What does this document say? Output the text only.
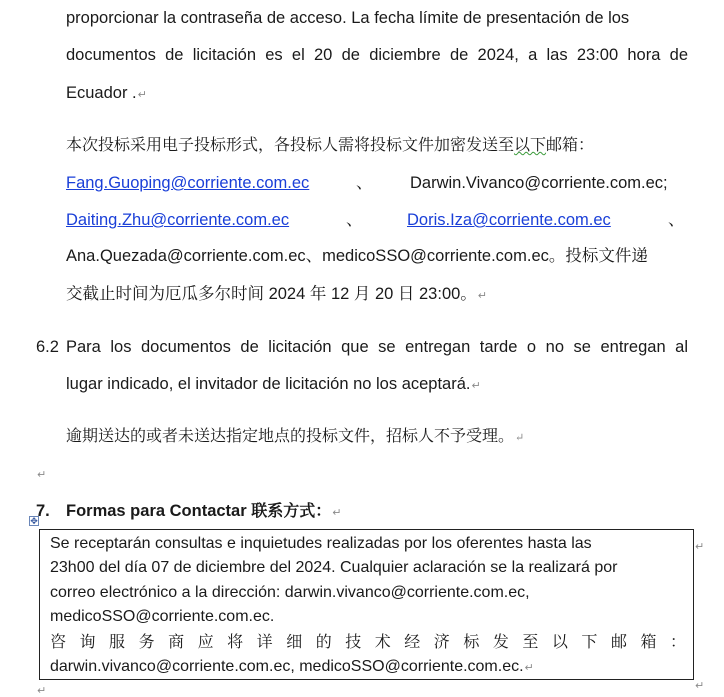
proporcionar la contraseña de acceso. La fecha límite de presentación de los
documentos de licitación es el 20 de diciembre de 2024, a las 23:00 hora de
Ecuador .↵
本次投标采用电子投标形式，各投标人需将投标文件加密发送至以下邮箱：
Fang.Guoping@corriente.com.ec	、 Darwin.Vivanco@corriente.com.ec;
Daiting.Zhu@corriente.com.ec	、	Doris.Iza@corriente.com.ec	、
Ana.Quezada@corriente.com.ec、medicoSSO@corriente.com.ec。投标文件递
交截止时间为厄瓜多尔时间 2024 年 12 月 20 日 23:00。↵
6.2 Para los documentos de licitación que se entregan tarde o no se entregan al
lugar indicado, el invitador de licitación no los aceptará.↵
逾期送达的或者未送达指定地点的投标文件，招标人不予受理。↵
↵
7. Formas para Contactar 联系方式：↵
✥
Se receptarán consultas e inquietudes realizadas por los oferentes hasta las
23h00 del día 07 de diciembre del 2024. Cualquier aclaración se la realizará por
correo electrónico a la dirección: darwin.vivanco@corriente.com.ec,
medicoSSO@corriente.com.ec.
咨 询 服 务 商 应 将 详 细 的 技 术 经 济 标 发 至 以 下 邮 箱 ：
darwin.vivanco@corriente.com.ec, medicoSSO@corriente.com.ec.↵
↵
↵
↵
